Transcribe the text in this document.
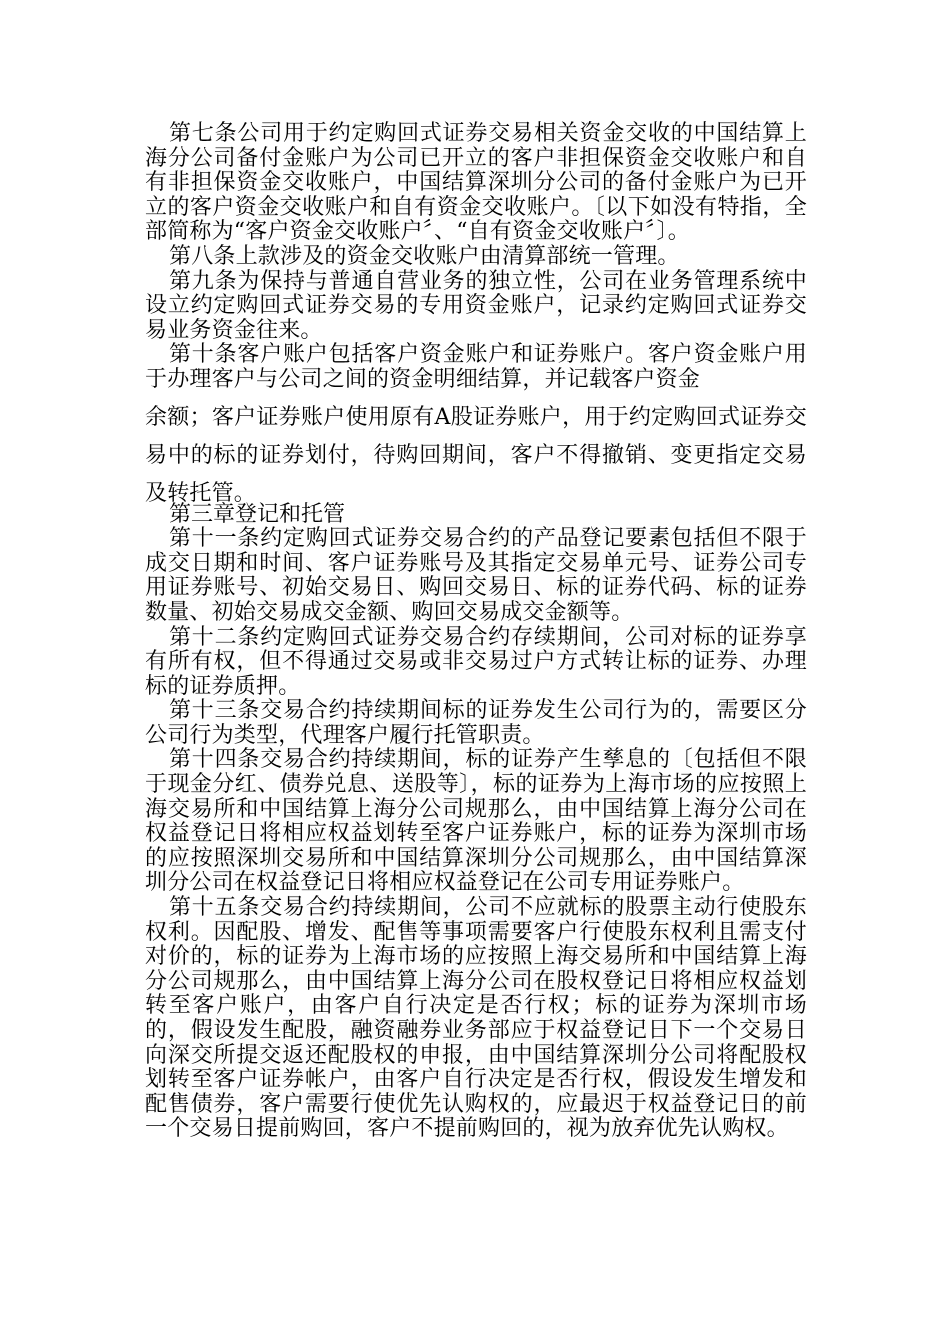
第七条公司用于约定购回式证券交易相关资金交收的中国结算上海分公司备付金账户为公司已开立的客户非担保资金交收账户和自有非担保资金交收账户，中国结算深圳分公司的备付金账户为已开立的客户资金交收账户和自有资金交收账户。〔以下如没有特指，全部简称为“客户资金交收账户〞、“自有资金交收账户〞〕。

第八条上款涉及的资金交收账户由清算部统一管理。

第九条为保持与普通自营业务的独立性，公司在业务管理系统中设立约定购回式证券交易的专用资金账户，记录约定购回式证券交易业务资金往来。

第十条客户账户包括客户资金账户和证券账户。客户资金账户用于办理客户与公司之间的资金明细结算，并记载客户资金

余额；客户证券账户使用原有A股证券账户，用于约定购回式证券交易中的标的证券划付，待购回期间，客户不得撤销、变更指定交易及转托管。

第三章登记和托管

第十一条约定购回式证券交易合约的产品登记要素包括但不限于成交日期和时间、客户证券账号及其指定交易单元号、证券公司专用证券账号、初始交易日、购回交易日、标的证券代码、标的证券数量、初始交易成交金额、购回交易成交金额等。

第十二条约定购回式证券交易合约存续期间，公司对标的证券享有所有权，但不得通过交易或非交易过户方式转让标的证券、办理标的证券质押。

第十三条交易合约持续期间标的证券发生公司行为的，需要区分公司行为类型，代理客户履行托管职责。

第十四条交易合约持续期间，标的证券产生孳息的〔包括但不限于现金分红、债券兑息、送股等〕，标的证券为上海市场的应按照上海交易所和中国结算上海分公司规那么，由中国结算上海分公司在权益登记日将相应权益划转至客户证券账户，标的证券为深圳市场的应按照深圳交易所和中国结算深圳分公司规那么，由中国结算深圳分公司在权益登记日将相应权益登记在公司专用证券账户。

第十五条交易合约持续期间，公司不应就标的股票主动行使股东权利。因配股、增发、配售等事项需要客户行使股东权利且需支付对价的，标的证券为上海市场的应按照上海交易所和中国结算上海分公司规那么，由中国结算上海分公司在股权登记日将相应权益划转至客户账户，由客户自行决定是否行权；标的证券为深圳市场的，假设发生配股，融资融券业务部应于权益登记日下一个交易日向深交所提交返还配股权的申报，由中国结算深圳分公司将配股权划转至客户证券帐户，由客户自行决定是否行权，假设发生增发和配售债券，客户需要行使优先认购权的，应最迟于权益登记日的前一个交易日提前购回，客户不提前购回的，视为放弃优先认购权。
